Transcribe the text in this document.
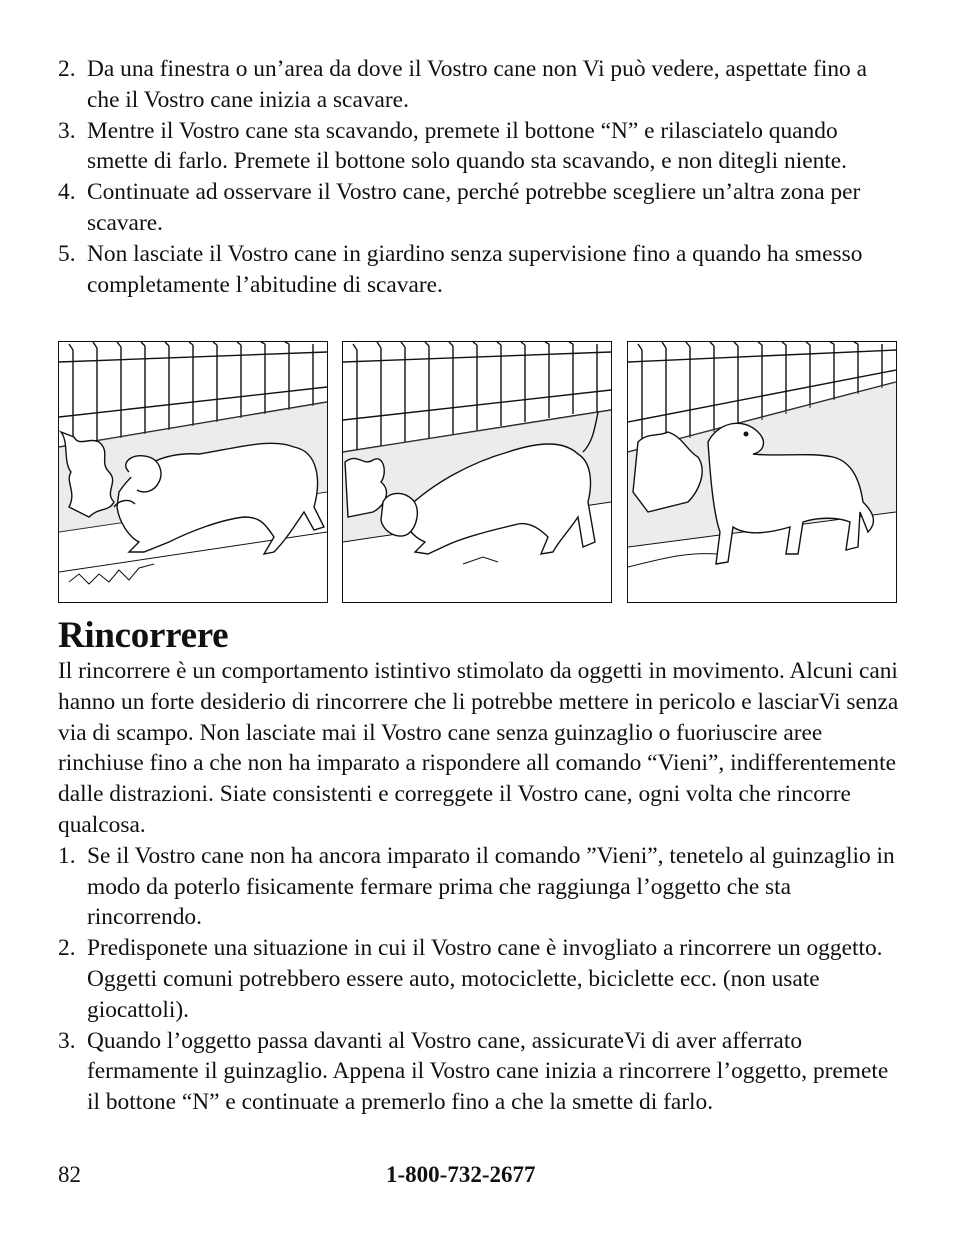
2. Da una finestra o un’area da dove il Vostro cane non Vi può vedere, aspettate fino a che il Vostro cane inizia a scavare.
3. Mentre il Vostro cane sta scavando, premete il bottone “N” e rilasciatelo quando smette di farlo. Premete il bottone solo quando sta scavando, e non ditegli niente.
4. Continuate ad osservare il Vostro cane, perché potrebbe scegliere un’altra zona per scavare.
5. Non lasciate il Vostro cane in giardino senza supervisione fino a quando ha smesso completamente l’abitudine di scavare.
Rincorrere

Il rincorrere è un comportamento istintivo stimolato da oggetti in movimento. Alcuni cani hanno un forte desiderio di rincorrere che li potrebbe mettere in pericolo e lasciarVi senza via di scampo. Non lasciate mai il Vostro cane senza guinzaglio o fuoriuscire aree rinchiuse fino a che non ha imparato a rispondere all comando “Vieni”, indifferentemente dalle distrazioni. Siate consistenti e correggete il Vostro cane, ogni volta che rincorre qualcosa.

1. Se il Vostro cane non ha ancora imparato il comando ”Vieni”, tenetelo al guinzaglio in modo da poterlo fisicamente fermare prima che raggiunga l’oggetto che sta rincorrendo.
2. Predisponete una situazione in cui il Vostro cane è invogliato a rincorrere un oggetto. Oggetti comuni potrebbero essere auto, motociclette, biciclette ecc. (non usate giocattoli).
3. Quando l’oggetto passa davanti al Vostro cane, assicurateVi di aver afferrato fermamente il guinzaglio. Appena il Vostro cane inizia a rincorrere l’oggetto, premete il bottone “N” e continuate a premerlo fino a che la smette di farlo.
82	1-800-732-2677
